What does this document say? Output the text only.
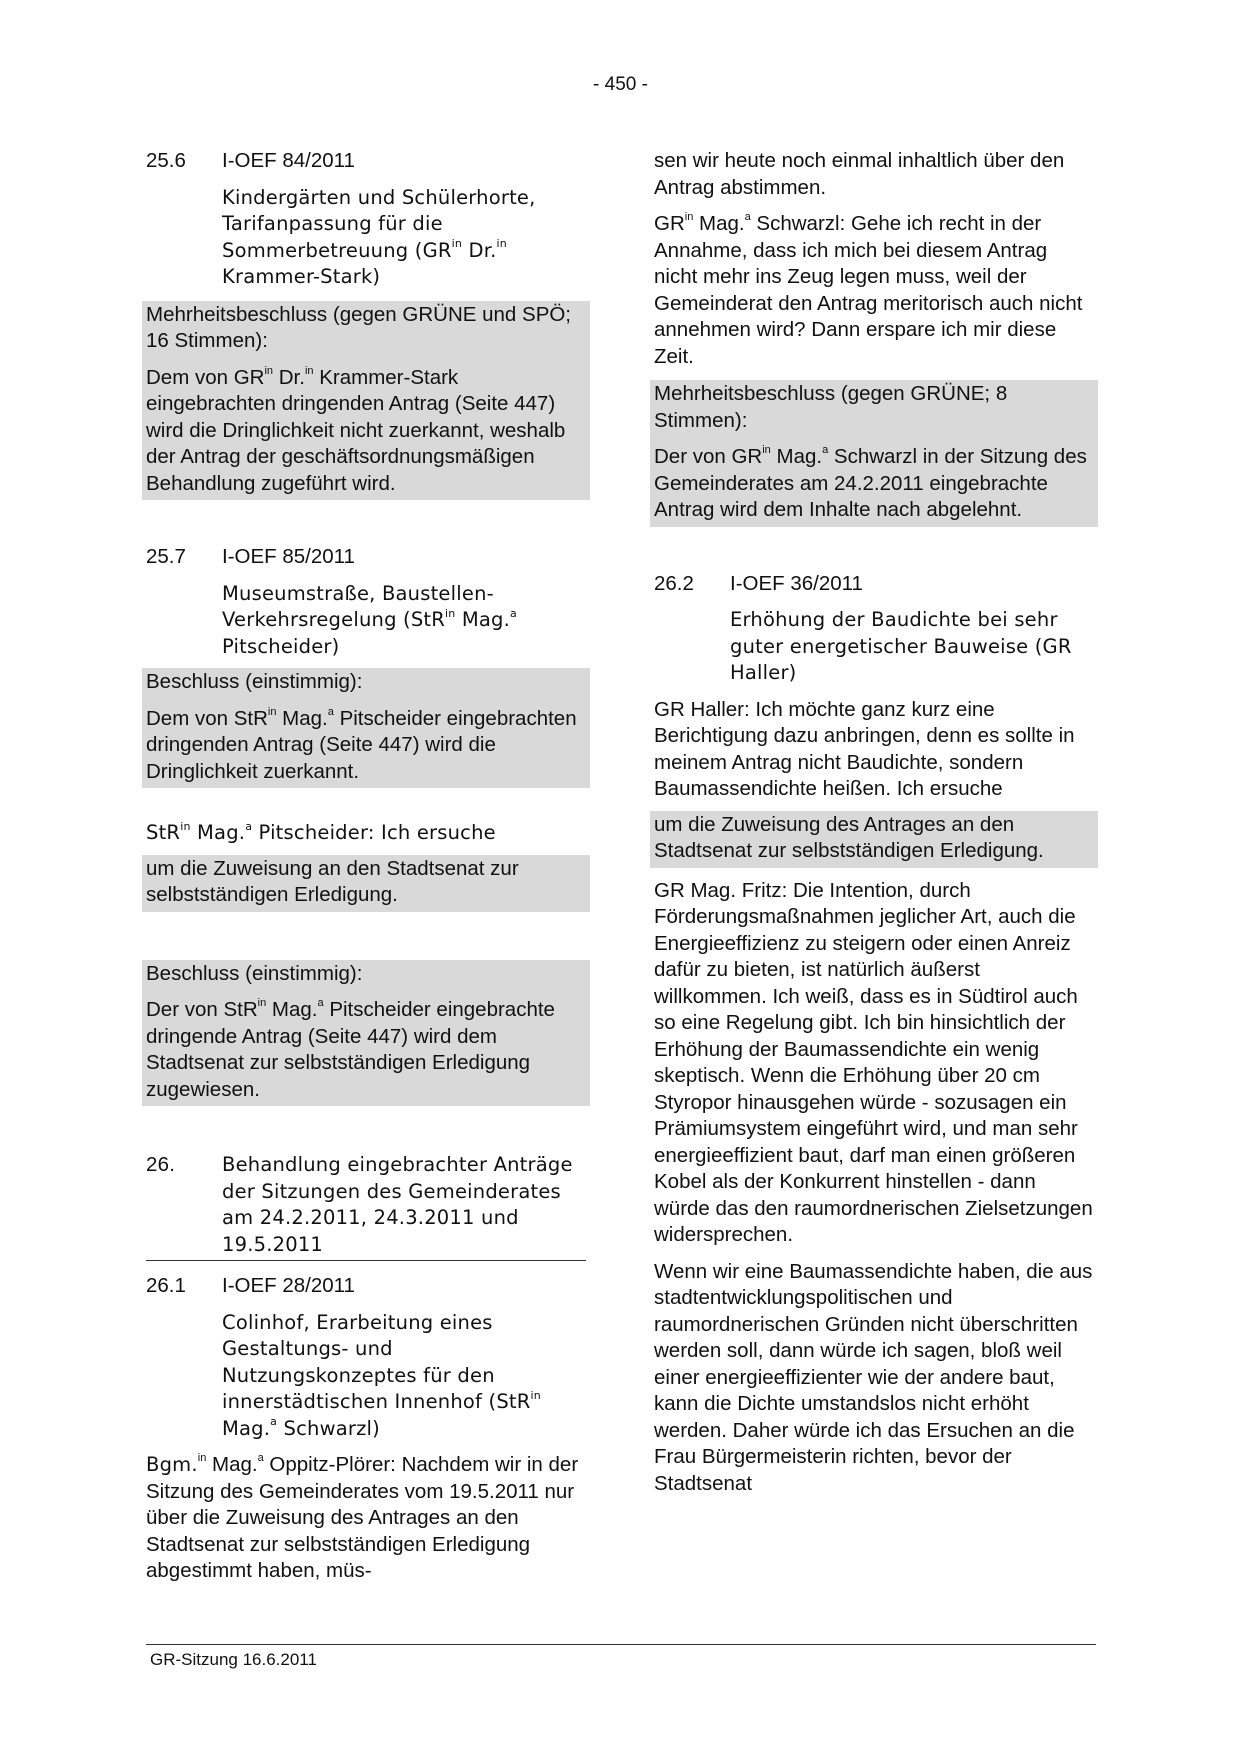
- 450 -
25.6	I-OEF 84/2011
Kindergärten und Schülerhorte, Tarifanpassung für die Sommerbetreuung ($GR^{in}$ Dr.$^{in}$ Krammer-Stark)

Mehrheitsbeschluss (gegen GRÜNE und SPÖ; 16 Stimmen):

Dem von $GR^{in}$ Dr.$^{in}$ Krammer-Stark eingebrachten dringenden Antrag (Seite 447) wird die Dringlichkeit nicht zuerkannt, weshalb der Antrag der geschäftsordnungsmäßigen Behandlung zugeführt wird.

25.7	I-OEF 85/2011
Museumstraße, Baustellen-Verkehrsregelung (StR$^{in}$ Mag.$^a$ Pitscheider)

Beschluss (einstimmig):

Dem von StR$^{in}$ Mag.$^a$ Pitscheider eingebrachten dringenden Antrag (Seite 447) wird die Dringlichkeit zuerkannt.

StR$^{in}$ Mag.$^a$ Pitscheider: Ich ersuche

um die Zuweisung an den Stadtsenat zur selbstständigen Erledigung.

Beschluss (einstimmig):

Der von StR$^{in}$ Mag.$^a$ Pitscheider eingebrachte dringende Antrag (Seite 447) wird dem Stadtsenat zur selbstständigen Erledigung zugewiesen.

26.	Behandlung eingebrachter Anträge der Sitzungen des Gemeinderates am 24.2.2011, 24.3.2011 und 19.5.2011
26.1	I-OEF 28/2011
Colinhof, Erarbeitung eines Gestaltungs- und Nutzungskonzeptes für den innerstädtischen Innenhof (StR$^{in}$ Mag.$^a$ Schwarzl)

Bgm.$^{in}$ Mag.$^a$ Oppitz-Plörer: Nachdem wir in der Sitzung des Gemeinderates vom 19.5.2011 nur über die Zuweisung des Antrages an den Stadtsenat zur selbstständigen Erledigung abgestimmt haben, müs-

sen wir heute noch einmal inhaltlich über den Antrag abstimmen.

$GR^{in}$ Mag.$^a$ Schwarzl: Gehe ich recht in der Annahme, dass ich mich bei diesem Antrag nicht mehr ins Zeug legen muss, weil der Gemeinderat den Antrag meritorisch auch nicht annehmen wird? Dann erspare ich mir diese Zeit.

Mehrheitsbeschluss (gegen GRÜNE; 8 Stimmen):

Der von $GR^{in}$ Mag.$^a$ Schwarzl in der Sitzung des Gemeinderates am 24.2.2011 eingebrachte Antrag wird dem Inhalte nach abgelehnt.

26.2	I-OEF 36/2011
Erhöhung der Baudichte bei sehr guter energetischer Bauweise (GR Haller)

GR Haller: Ich möchte ganz kurz eine Berichtigung dazu anbringen, denn es sollte in meinem Antrag nicht Baudichte, sondern Baumassendichte heißen. Ich ersuche

um die Zuweisung des Antrages an den Stadtsenat zur selbstständigen Erledigung.

GR Mag. Fritz: Die Intention, durch Förderungsmaßnahmen jeglicher Art, auch die Energieeffizienz zu steigern oder einen Anreiz dafür zu bieten, ist natürlich äußerst willkommen. Ich weiß, dass es in Südtirol auch so eine Regelung gibt. Ich bin hinsichtlich der Erhöhung der Baumassendichte ein wenig skeptisch. Wenn die Erhöhung über 20 cm Styropor hinausgehen würde - sozusagen ein Prämiumsystem eingeführt wird, und man sehr energieeffizient baut, darf man einen größeren Kobel als der Konkurrent hinstellen - dann würde das den raumordnerischen Zielsetzungen widersprechen.

Wenn wir eine Baumassendichte haben, die aus stadtentwicklungspolitischen und raumordnerischen Gründen nicht überschritten werden soll, dann würde ich sagen, bloß weil einer energieeffizienter wie der andere baut, kann die Dichte umstandslos nicht erhöht werden. Daher würde ich das Ersuchen an die Frau Bürgermeisterin richten, bevor der Stadtsenat

GR-Sitzung 16.6.2011
